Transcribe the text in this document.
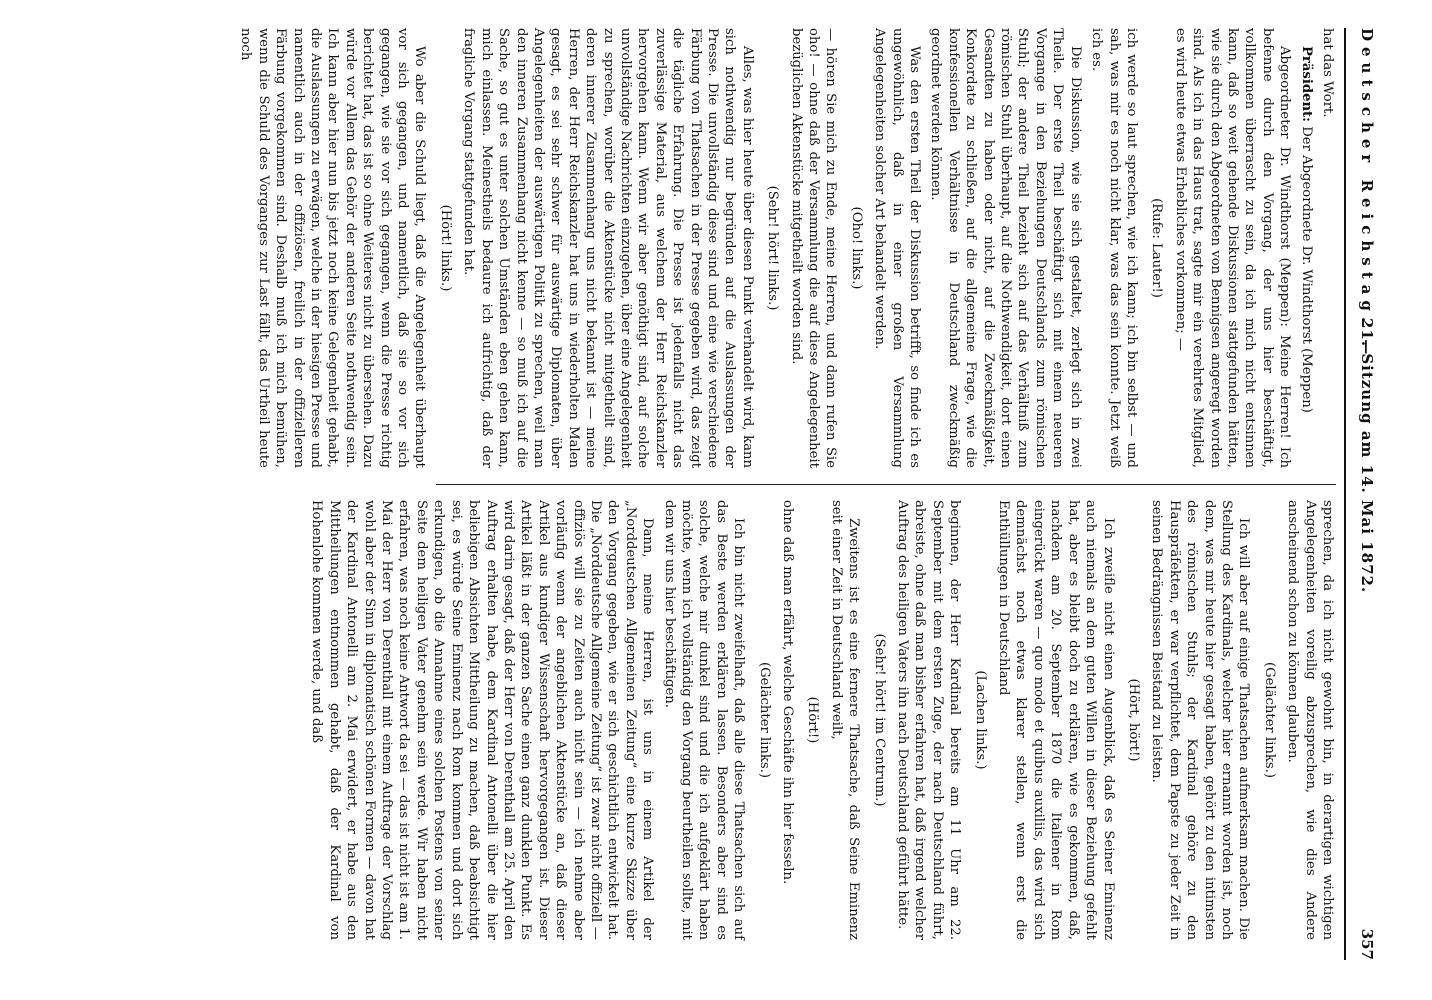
Deutscher Reichstag. —
21. Sitzung am 14. Mai 1872.
357

hat das Wort.

Präsident: Der Abgeordnete Dr. Windthorst (Meppen)

Abgeordneter Dr. Windthorst (Meppen): Meine Herren! Ich befenne durch den Vorgang, der uns hier beschäftigt, vollkommen überrascht zu sein, da ich mich nicht entsinnen kann, daß so weit gehende Diskussionen stattgefunden hätten, wie sie durch den Abgeordneten von Bennigsen angeregt worden sind. Als ich in das Haus trat, sagte mir ein verehrtes Mitglied, es wird heute etwas Erhebliches vorkommen; —

(Rufe: Lauter!)

ich werde so laut sprechen, wie ich kann; ich bin selbst — und sah, was mir es noch nicht klar, was das sein konnte. Jetzt weiß ich es.

Die Diskussion, wie sie sich gestaltet, zerlegt sich in zwei Theile. Der erste Theil beschäftigt sich mit einem neueren Vorgange in den Beziehungen Deutschlands zum römischen Stuhl; der andere Theil bezieht sich auf das Verhältniß zum römischen Stuhl überhaupt, auf die Nothwendigkeit, dort einen Gesandten zu haben oder nicht, auf die Zweckmäßigkeit, Konkordate zu schließen, auf die allgemeine Frage, wie die konfessionellen Verhältnisse in Deutschland zweckmäßig geordnet werden können.

Was den ersten Theil der Diskussion betrifft, so finde ich es ungewöhnlich, daß in einer großen Versammlung Angelegenheiten solcher Art behandelt werden.

(Oho! links.)

— hören Sie mich zu Ende, meine Herren, und dann rufen Sie oho! — ohne daß der Versammlung die auf diese Angelegenheit bezüglichen Aktenstücke mitgetheilt worden sind.

(Sehr! hört! links.)

Alles, was hier heute über diesen Punkt verhandelt wird, kann sich nothwendig nur begründen auf die Auslassungen der Presse. Die unvollständig diese sind und eine wie verschiedene Färbung von Thatsachen in der Presse gegeben wird, das zeigt die tägliche Erfahrung. Die Presse ist jedenfalls nicht das zuverlässige Material, aus welchem der Herr Reichskanzler hervorgehen kann. Wenn wir aber genöthigt sind, auf solche unvollständige Nachrichten einzugehen, über eine Angelegenheit zu sprechen, worüber die Aktenstücke nicht mitgetheilt sind, deren innerer Zusammenhang uns nicht bekannt ist — meine Herren, der Herr Reichskanzler hat uns in wiederholten Malen gesagt, es sei sehr schwer für auswärtige Diplomaten, über Angelegenheiten der auswärtigen Politik zu sprechen, weil man den inneren Zusammenhang nicht kenne — so muß ich auf die Sache, so gut es unter solchen Umständen eben gehen kann, mich einlassen. Meinestheils bedaure ich aufrichtig, daß der fragliche Vorgang stattgefunden hat.

(Hört! links.)

Wo aber die Schuld liegt, daß die Angelegenheit überhaupt vor sich gegangen, und namentlich, daß sie so vor sich gegangen, wie sie vor sich gegangen, wenn die Presse richtig berichtet hat, das ist so ohne Weiteres nicht zu übersehen. Dazu würde vor Allem das Gehör der anderen Seite nothwendig sein. Ich kann aber hier nun bis jetzt noch keine Gelegenheit gehabt, die Auslassungen zu erwägen, welche in der hiesigen Presse und namentlich auch in der offiziösen, freilich in der offizielleren Färbung vorgekommen sind. Deshalb muß ich mich bemühen, wenn die Schuld des Vorganges zur Last fällt, das Urtheil heute noch

sprechen, da ich nicht gewohnt bin, in derartigen wichtigen Angelegenheiten voreilig abzusprechen, wie dies Andere anscheinend schon zu können glauben.

(Gelächter links.)

Ich will aber auf einige Thatsachen aufmerksam machen. Die Stellung des Kardinals, welcher hier ernannt worden ist, noch dem, was mir heute hier gesagt haben, gehört zu den intimsten des römischen Stuhls; der Kardinal gehöre zu den Hauspräfekten, er war verpflichtet, dem Papste zu jeder Zeit in seinen Bedrängnissen Beistand zu leisten.

(Hört, hört!)

Ich zweifle nicht einen Augenblick, daß es Seiner Eminenz auch niemals an dem guten Willen in dieser Beziehung gefehlt hat, aber es bleibt doch zu erklären, wie es gekommen, daß, nachdem am 20. September 1870 die Italiener in Rom eingerückt waren — quo modo et quibus auxiliis, das wird sich demnächst noch etwas klarer stellen, wenn erst die Enthüllungen in Deutschland

(Lachen links.)

beginnen, der Herr Kardinal bereits am 11 Uhr am 22. September mit dem ersten Zuge, der nach Deutschland führt, abreiste, ohne daß man bisher erfahren hat, daß irgend welcher Auftrag des heiligen Vaters ihn nach Deutschland geführt hätte.

(Sehr! hört! im Centrum.)

Zweitens ist es eine fernere Thatsache, daß Seine Eminenz seit einer Zeit in Deutschland weilt,

(Hört!)

ohne daß man erfährt, welche Geschäfte ihn hier fesseln.

(Gelächter links.)

Ich bin nicht zweifelhaft, daß alle diese Thatsachen sich auf das Beste werden erklären lassen. Besonders aber sind es solche, welche mir dunkel sind und die ich aufgeklärt haben möchte, wenn ich vollständig den Vorgang beurtheilen sollte, mit dem wir uns hier beschäftigen.

Dann, meine Herren, ist uns in einem Artikel der „Norddeutschen Allgemeinen Zeitung“ eine kurze Skizze über den Vorgang gegeben, wie er sich geschichtlich entwickelt hat. Die „Norddeutsche Allgemeine Zeitung“ ist zwar nicht offiziell — offiziös will sie zu Zeiten auch nicht sein — ich nehme aber vorläufig wenn der angeblichen Aktenstücke an, daß dieser Artikel aus kundiger Wissenschaft hervorgegangen ist. Dieser Artikel läßt in der ganzen Sache einen ganz dunklen Punkt. Es wird darin gesagt, daß der Herr von Derenthall am 25. April den Auftrag erhalten habe, dem Kardinal Antonelli über die hier beliebigen Absichten Mittheilung zu machen, daß beabsichtigt sei, es würde Seine Eminenz nach Rom kommen und dort sich erkundigen, ob die Annahme eines solchen Postens von seiner Seite dem heiligen Vater genehm sein werde. Wir haben nicht erfahren, was noch keine Antwort da sei — das ist nicht ist am 1. Mai der Herr von Derenthall mit einem Auftrage der Vorschlag wohl aber der Sinn in diplomatisch schönen Formen — davon hat der Kardinal Antonelli am 2. Mai erwidert, er habe aus den Mittheilungen entnommen gehabt, daß der Kardinal von Hohenlohe kommen werde, und daß
